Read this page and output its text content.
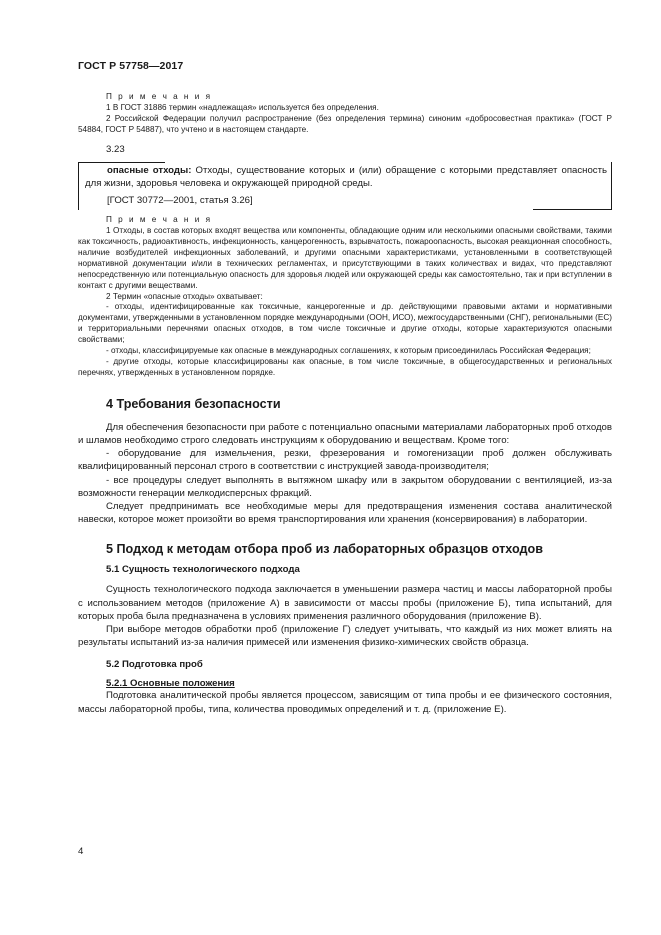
ГОСТ Р 57758—2017

П р и м е ч а н и я

1 В ГОСТ 31886 термин «надлежащая» используется без определения.

2 Российской Федерации получил распространение (без определения термина) синоним «добросовестная практика» (ГОСТ Р 54884, ГОСТ Р 54887), что учтено и в настоящем стандарте.

3.23

опасные отходы: Отходы, существование которых и (или) обращение с которыми представляет опасность для жизни, здоровья человека и окружающей природной среды.

[ГОСТ 30772—2001, статья 3.26]

П р и м е ч а н и я

1 Отходы, в состав которых входят вещества или компоненты, обладающие одним или несколькими опасными свойствами, такими как токсичность, радиоактивность, инфекционность, канцерогенность, взрывчатость, пожароопасность, высокая реакционная способность, наличие возбудителей инфекционных заболеваний, и другими опасными характеристиками, установленными в соответствующей нормативной документации и/или в технических регламентах, и присутствующими в таких количествах и видах, что представляют непосредственную или потенциальную опасность для здоровья людей или окружающей среды как самостоятельно, так и при вступлении в контакт с другими веществами.

2 Термин «опасные отходы» охватывает:

- отходы, идентифицированные как токсичные, канцерогенные и др. действующими правовыми актами и нормативными документами, утвержденными в установленном порядке международными (ООН, ИСО), межгосударственными (СНГ), региональными (ЕС) и территориальными перечнями опасных отходов, в том числе токсичные и другие отходы, которые характеризуются опасными свойствами;

- отходы, классифицируемые как опасные в международных соглашениях, к которым присоединилась Российская Федерация;

- другие отходы, которые классифицированы как опасные, в том числе токсичные, в общегосударственных и региональных перечнях, утвержденных в установленном порядке.

4 Требования безопасности

Для обеспечения безопасности при работе с потенциально опасными материалами лабораторных проб отходов и шламов необходимо строго следовать инструкциям к оборудованию и веществам. Кроме того:

- оборудование для измельчения, резки, фрезерования и гомогенизации проб должен обслуживать квалифицированный персонал строго в соответствии с инструкцией завода-производителя;

- все процедуры следует выполнять в вытяжном шкафу или в закрытом оборудовании с вентиляцией, из-за возможности генерации мелкодисперсных фракций.

Следует предпринимать все необходимые меры для предотвращения изменения состава аналитической навески, которое может произойти во время транспортирования или хранения (консервирования) в лаборатории.

5 Подход к методам отбора проб из лабораторных образцов отходов
5.1 Сущность технологического подхода

Сущность технологического подхода заключается в уменьшении размера частиц и массы лабораторной пробы с использованием методов (приложение А) в зависимости от массы пробы (приложение Б), типа испытаний, для которых проба была предназначена в условиях применения различного оборудования (приложение В).

При выборе методов обработки проб (приложение Г) следует учитывать, что каждый из них может влиять на результаты испытаний из-за наличия примесей или изменения физико-химических свойств образца.

5.2 Подготовка проб
5.2.1 Основные положения

Подготовка аналитической пробы является процессом, зависящим от типа пробы и ее физического состояния, массы лабораторной пробы, типа, количества проводимых определений и т. д. (приложение Е).

4
